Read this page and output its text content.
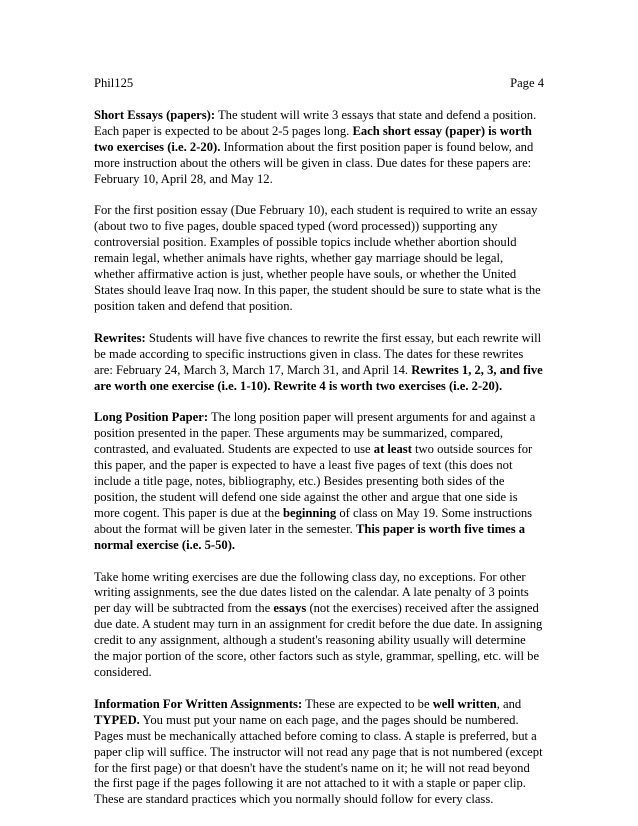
Phil125	Page 4

Short Essays (papers): The student will write 3 essays that state and defend a position. Each paper is expected to be about 2-5 pages long. Each short essay (paper) is worth two exercises (i.e. 2-20). Information about the first position paper is found below, and more instruction about the others will be given in class. Due dates for these papers are: February 10, April 28, and May 12.

For the first position essay (Due February 10), each student is required to write an essay (about two to five pages, double spaced typed (word processed)) supporting any controversial position. Examples of possible topics include whether abortion should remain legal, whether animals have rights, whether gay marriage should be legal, whether affirmative action is just, whether people have souls, or whether the United States should leave Iraq now. In this paper, the student should be sure to state what is the position taken and defend that position.

Rewrites: Students will have five chances to rewrite the first essay, but each rewrite will be made according to specific instructions given in class. The dates for these rewrites are: February 24, March 3, March 17, March 31, and April 14. Rewrites 1, 2, 3, and five are worth one exercise (i.e. 1-10). Rewrite 4 is worth two exercises (i.e. 2-20).

Long Position Paper: The long position paper will present arguments for and against a position presented in the paper. These arguments may be summarized, compared, contrasted, and evaluated. Students are expected to use at least two outside sources for this paper, and the paper is expected to have a least five pages of text (this does not include a title page, notes, bibliography, etc.) Besides presenting both sides of the position, the student will defend one side against the other and argue that one side is more cogent. This paper is due at the beginning of class on May 19. Some instructions about the format will be given later in the semester. This paper is worth five times a normal exercise (i.e. 5-50).

Take home writing exercises are due the following class day, no exceptions. For other writing assignments, see the due dates listed on the calendar. A late penalty of 3 points per day will be subtracted from the essays (not the exercises) received after the assigned due date. A student may turn in an assignment for credit before the due date. In assigning credit to any assignment, although a student's reasoning ability usually will determine the major portion of the score, other factors such as style, grammar, spelling, etc. will be considered.

Information For Written Assignments: These are expected to be well written, and TYPED. You must put your name on each page, and the pages should be numbered. Pages must be mechanically attached before coming to class. A staple is preferred, but a paper clip will suffice. The instructor will not read any page that is not numbered (except for the first page) or that doesn't have the student's name on it; he will not read beyond the first page if the pages following it are not attached to it with a staple or paper clip. These are standard practices which you normally should follow for every class.
